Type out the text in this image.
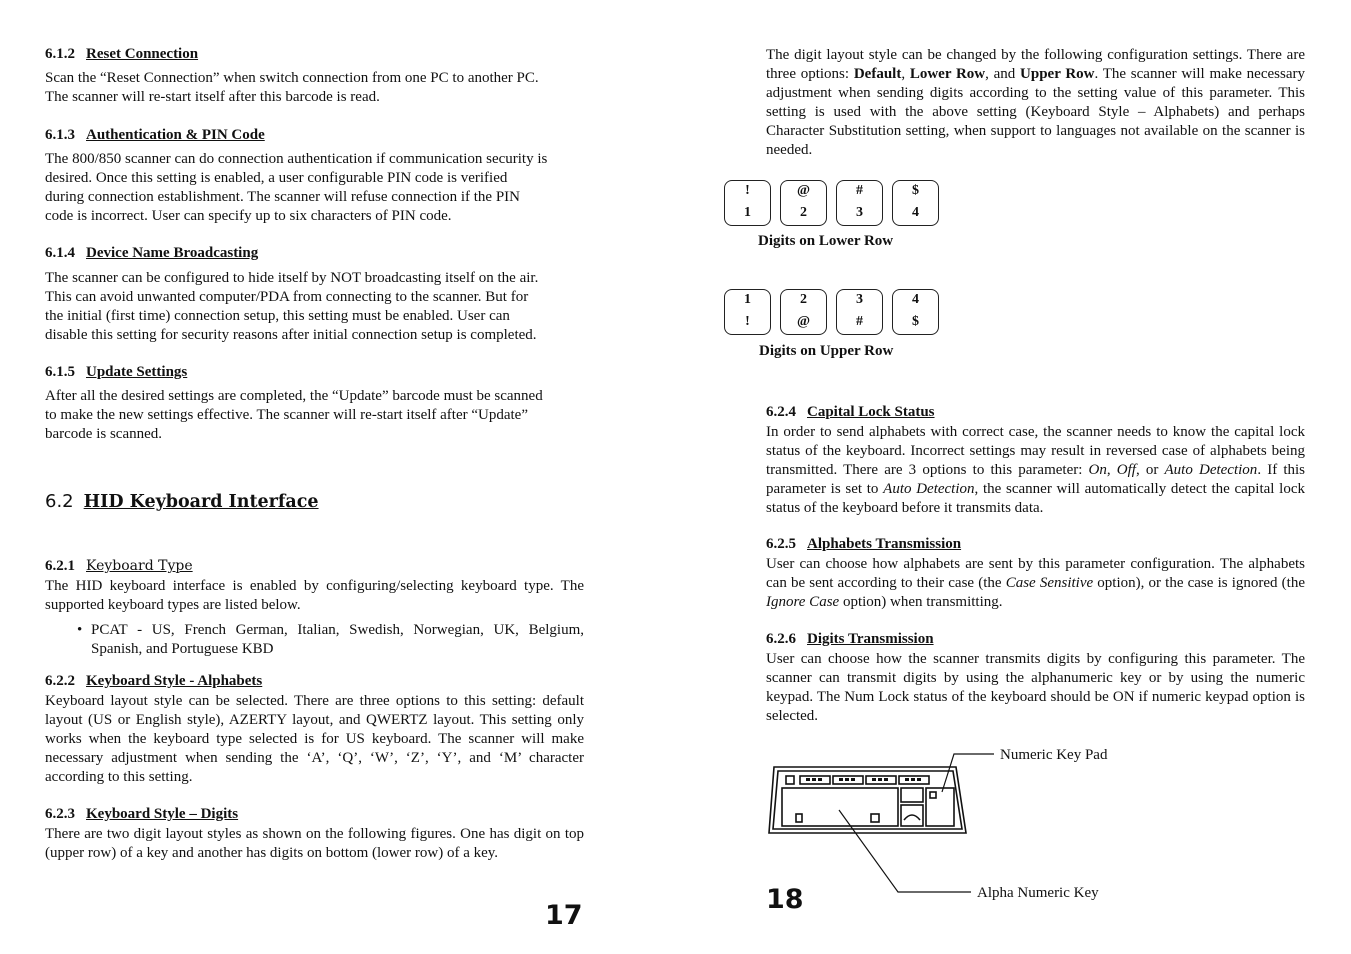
6.1.2 Reset Connection
Scan the “Reset Connection” when switch connection from one PC to another PC.
The scanner will re-start itself after this barcode is read.
6.1.3 Authentication & PIN Code
The 800/850 scanner can do connection authentication if communication security is
desired. Once this setting is enabled, a user configurable PIN code is verified
during connection establishment. The scanner will refuse connection if the PIN
code is incorrect. User can specify up to six characters of PIN code.
6.1.4 Device Name Broadcasting
The scanner can be configured to hide itself by NOT broadcasting itself on the air.
This can avoid unwanted computer/PDA from connecting to the scanner. But for
the initial (first time) connection setup, this setting must be enabled. User can
disable this setting for security reasons after initial connection setup is completed.
6.1.5 Update Settings
After all the desired settings are completed, the “Update” barcode must be scanned
to make the new settings effective. The scanner will re-start itself after “Update”
barcode is scanned.
6.2 HID Keyboard Interface
6.2.1 Keyboard Type
The HID keyboard interface is enabled by configuring/selecting keyboard type. The supported keyboard types are listed below.
• PCAT - US, French German, Italian, Swedish, Norwegian, UK, Belgium, Spanish, and Portuguese KBD
6.2.2 Keyboard Style - Alphabets
Keyboard layout style can be selected. There are three options to this setting: default layout (US or English style), AZERTY layout, and QWERTZ layout. This setting only works when the keyboard type selected is for US keyboard. The scanner will make necessary adjustment when sending the ‘A’, ‘Q’, ‘W’, ‘Z’, ‘Y’, and ‘M’ character according to this setting.
6.2.3 Keyboard Style – Digits
There are two digit layout styles as shown on the following figures. One has digit on top (upper row) of a key and another has digits on bottom (lower row) of a key.
17
The digit layout style can be changed by the following configuration settings. There are three options: Default, Lower Row, and Upper Row. The scanner will make necessary adjustment when sending digits according to the setting value of this parameter. This setting is used with the above setting (Keyboard Style – Alphabets) and perhaps Character Substitution setting, when support to languages not available on the scanner is needed.
!
1
@
2
#
3
$
4
Digits on Lower Row
1
!
2
@
3
#
4
$
Digits on Upper Row
6.2.4 Capital Lock Status
In order to send alphabets with correct case, the scanner needs to know the capital lock status of the keyboard. Incorrect settings may result in reversed case of alphabets being transmitted. There are 3 options to this parameter: On, Off, or Auto Detection. If this parameter is set to Auto Detection, the scanner will automatically detect the capital lock status of the keyboard before it transmits data.
6.2.5 Alphabets Transmission
User can choose how alphabets are sent by this parameter configuration. The alphabets can be sent according to their case (the Case Sensitive option), or the case is ignored (the Ignore Case option) when transmitting.
6.2.6 Digits Transmission
User can choose how the scanner transmits digits by configuring this parameter. The scanner can transmit digits by using the alphanumeric key or by using the numeric keypad. The Num Lock status of the keyboard should be ON if numeric keypad option is selected.
Numeric Key Pad
Alpha Numeric Key
18
